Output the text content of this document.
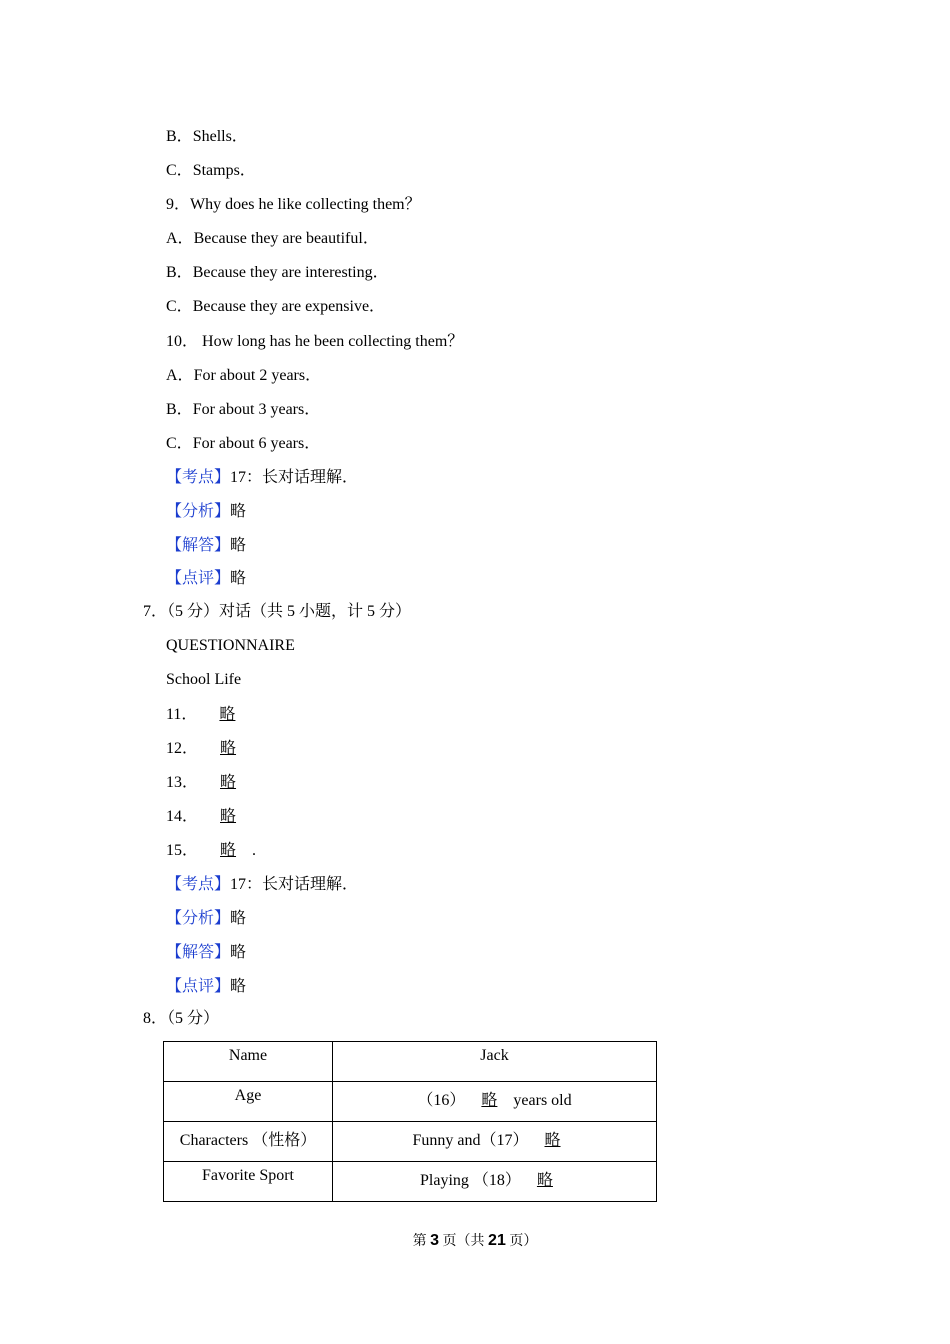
B．Shells．
C．Stamps．
9．Why does he like collecting them？
A．Because they are beautiful．
B．Because they are interesting．
C．Because they are expensive．
10． How long has he been collecting them？
A．For about 2 years．
B．For about 3 years．
C．For about 6 years．
【考点】17：长对话理解．
【分析】略
【解答】略
【点评】略
7．（5 分）对话（共 5 小题，计 5 分）
QUESTIONNAIRE
School Life
11． 略
12． 略
13． 略
14． 略
15． 略 .
【考点】17：长对话理解．
【分析】略
【解答】略
【点评】略
8．（5 分）
Name	Jack
Age	（16） 略 years old
Characters （性格）	Funny and（17） 略
Favorite Sport	Playing （18） 略
第 3 页（共 21 页）
